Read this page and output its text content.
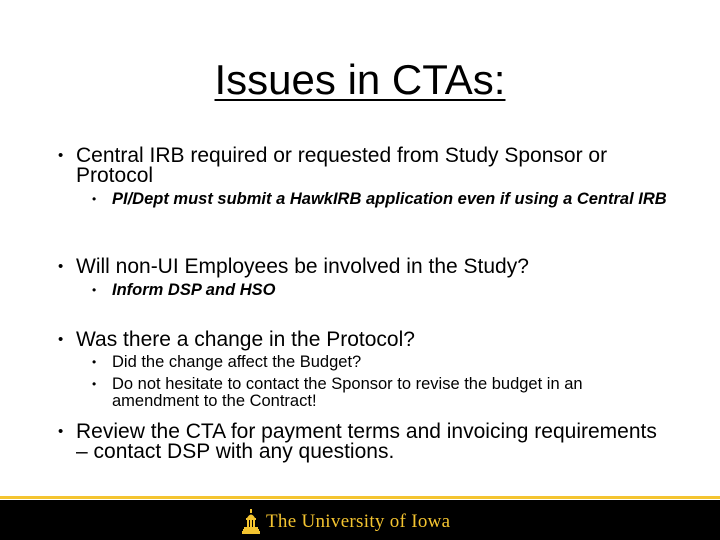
Issues in CTAs:
• Central IRB required or requested from Study Sponsor or Protocol
• PI/Dept must submit a HawkIRB application even if using a Central IRB
• Will non-UI Employees be involved in the Study?
• Inform DSP and HSO
• Was there a change in the Protocol?
• Did the change affect the Budget?
• Do not hesitate to contact the Sponsor to revise the budget in an amendment to the Contract!
• Review the CTA for payment terms and invoicing requirements – contact DSP with any questions.
The University of Iowa
